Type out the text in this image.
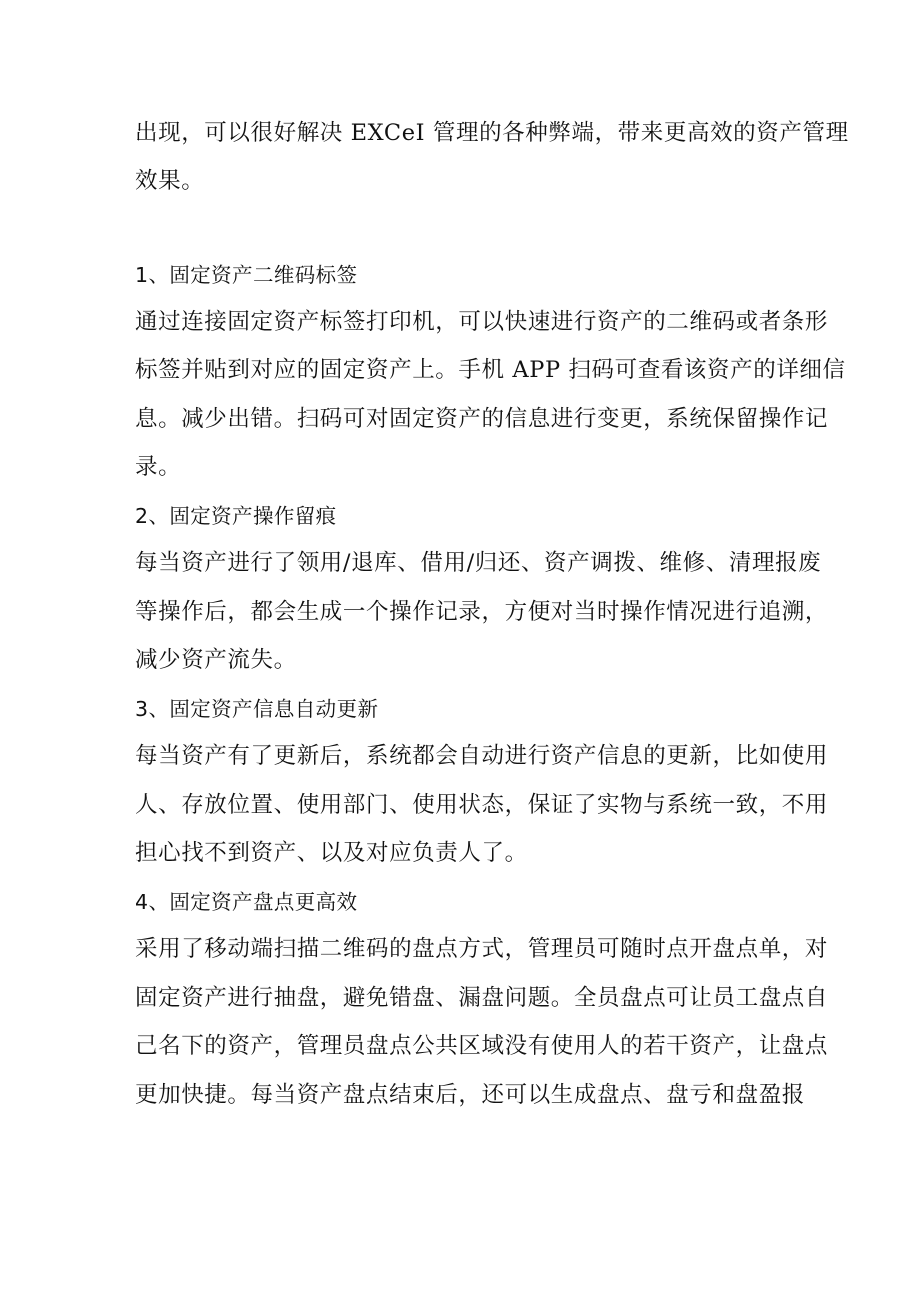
出现，可以很好解决 EXCeI 管理的各种弊端，带来更高效的资产管理
效果。
1、固定资产二维码标签
通过连接固定资产标签打印机，可以快速进行资产的二维码或者条形
标签并贴到对应的固定资产上。手机 APP 扫码可查看该资产的详细信
息。减少出错。扫码可对固定资产的信息进行变更，系统保留操作记
录。
2、固定资产操作留痕
每当资产进行了领用/退库、借用/归还、资产调拨、维修、清理报废
等操作后，都会生成一个操作记录，方便对当时操作情况进行追溯，
减少资产流失。
3、固定资产信息自动更新
每当资产有了更新后，系统都会自动进行资产信息的更新，比如使用
人、存放位置、使用部门、使用状态，保证了实物与系统一致，不用
担心找不到资产、以及对应负责人了。
4、固定资产盘点更高效
采用了移动端扫描二维码的盘点方式，管理员可随时点开盘点单，对
固定资产进行抽盘，避免错盘、漏盘问题。全员盘点可让员工盘点自
己名下的资产，管理员盘点公共区域没有使用人的若干资产，让盘点
更加快捷。每当资产盘点结束后，还可以生成盘点、盘亏和盘盈报
